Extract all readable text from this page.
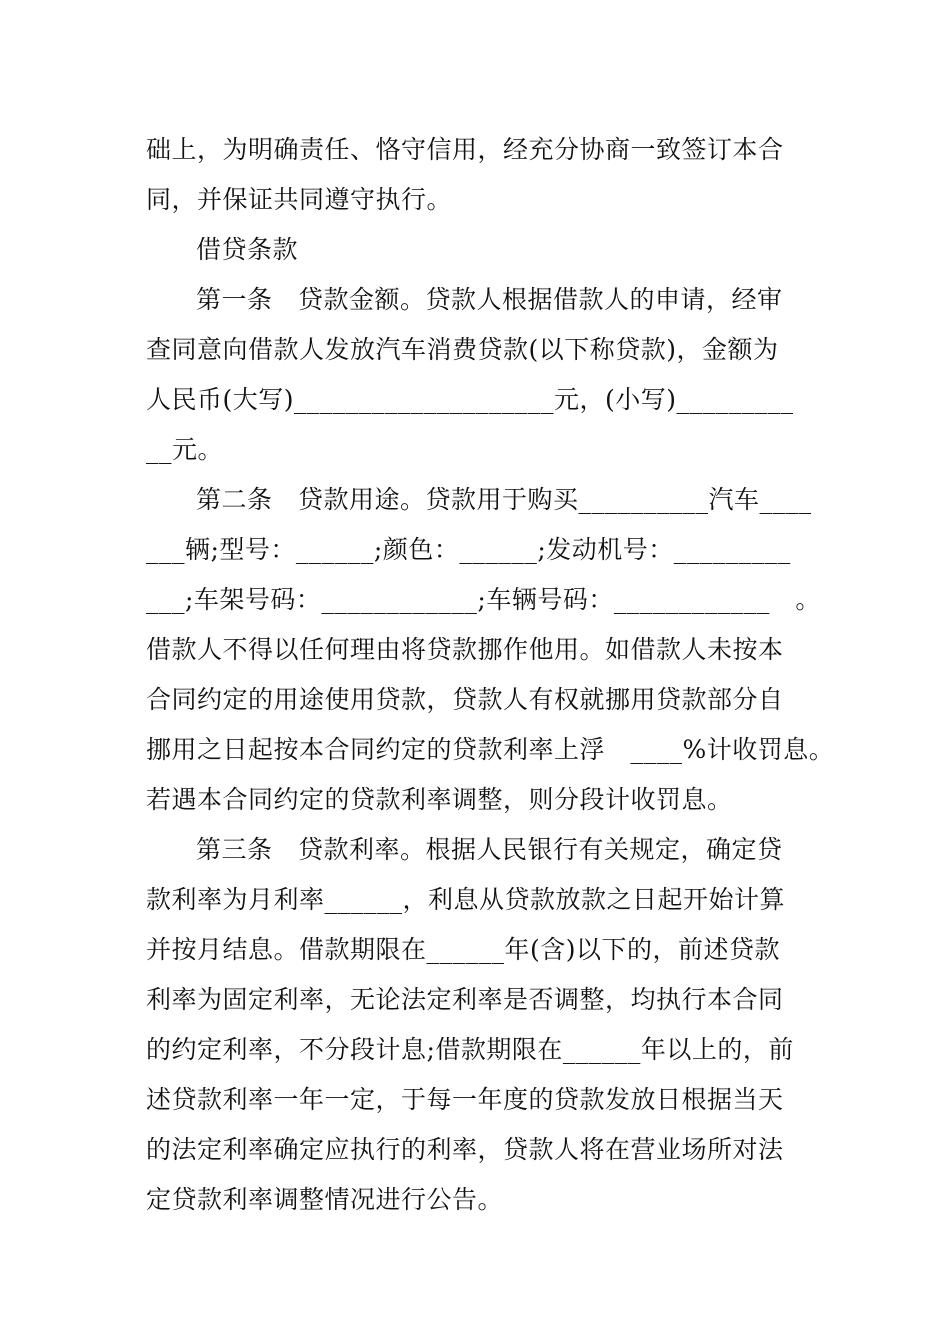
础上，为明确责任、恪守信用，经充分协商一致签订本合
同，并保证共同遵守执行。
借贷条款
第一条　贷款金额。贷款人根据借款人的申请，经审
查同意向借款人发放汽车消费贷款(以下称贷款)，金额为
人民币(大写)____________________元，(小写)_________
__元。
第二条　贷款用途。贷款用于购买__________汽车____
___辆;型号：______;颜色：______;发动机号：_________
___;车架号码：____________;车辆号码：____________　。
借款人不得以任何理由将贷款挪作他用。如借款人未按本
合同约定的用途使用贷款，贷款人有权就挪用贷款部分自
挪用之日起按本合同约定的贷款利率上浮　____%计收罚息。
若遇本合同约定的贷款利率调整，则分段计收罚息。
第三条　贷款利率。根据人民银行有关规定，确定贷
款利率为月利率______，利息从贷款放款之日起开始计算
并按月结息。借款期限在______年(含)以下的，前述贷款
利率为固定利率，无论法定利率是否调整，均执行本合同
的约定利率，不分段计息;借款期限在______年以上的，前
述贷款利率一年一定，于每一年度的贷款发放日根据当天
的法定利率确定应执行的利率，贷款人将在营业场所对法
定贷款利率调整情况进行公告。
